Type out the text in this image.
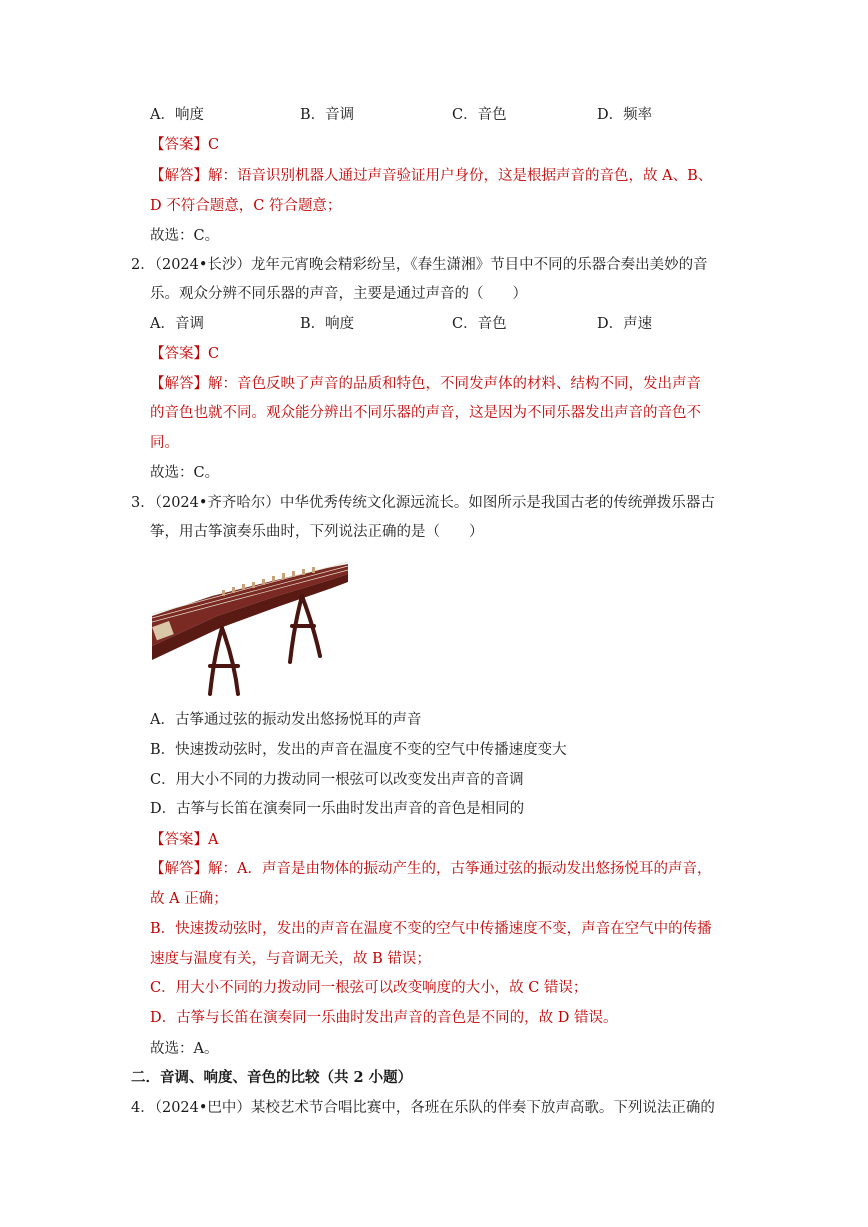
A．响度	B．音调	C．音色	D．频率
【答案】C
【解答】解：语音识别机器人通过声音验证用户身份，这是根据声音的音色，故 A、B、
D 不符合题意，C 符合题意；
故选：C。
2．（2024•长沙）龙年元宵晚会精彩纷呈，《春生潇湘》节目中不同的乐器合奏出美妙的音
乐。观众分辨不同乐器的声音，主要是通过声音的（　　）
A．音调	B．响度	C．音色	D．声速
【答案】C
【解答】解：音色反映了声音的品质和特色，不同发声体的材料、结构不同，发出声音
的音色也就不同。观众能分辨出不同乐器的声音，这是因为不同乐器发出声音的音色不
同。
故选：C。
3．（2024•齐齐哈尔）中华优秀传统文化源远流长。如图所示是我国古老的传统弹拨乐器古
筝，用古筝演奏乐曲时，下列说法正确的是（　　）
A．古筝通过弦的振动发出悠扬悦耳的声音
B．快速拨动弦时，发出的声音在温度不变的空气中传播速度变大
C．用大小不同的力拨动同一根弦可以改变发出声音的音调
D．古筝与长笛在演奏同一乐曲时发出声音的音色是相同的
【答案】A
【解答】解：A．声音是由物体的振动产生的，古筝通过弦的振动发出悠扬悦耳的声音，
故 A 正确；
B．快速拨动弦时，发出的声音在温度不变的空气中传播速度不变，声音在空气中的传播
速度与温度有关，与音调无关，故 B 错误；
C．用大小不同的力拨动同一根弦可以改变响度的大小，故 C 错误；
D．古筝与长笛在演奏同一乐曲时发出声音的音色是不同的，故 D 错误。
故选：A。
二．音调、响度、音色的比较（共 2 小题）
4．（2024•巴中）某校艺术节合唱比赛中，各班在乐队的伴奏下放声高歌。下列说法正确的
